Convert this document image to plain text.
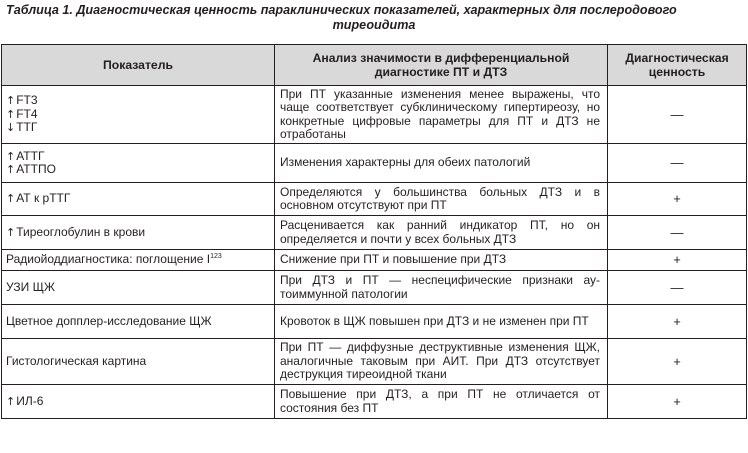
Таблица 1. Диагностическая ценность параклинических показателей, характерных для послеродового
тиреоидита
Показатель	Анализ значимости в дифференциальной диагностике ПТ и ДТЗ	Диагностическая ценность

↑FT3
↑FT4
↓ТТГ	При ПТ указанные изменения менее выражены, что чаще соответствует субклиническому гипертиреозу, но конкретные цифровые параметры для ПТ и ДТЗ не отработаны	—

↑АТТГ
↑АТТПО	Изменения характерны для обеих патологий	—

↑АТ к рТТГ	Определяются у большинства больных ДТЗ и в основном отсутствуют при ПТ	+

↑Тиреоглобулин в крови	Расценивается как ранний индикатор ПТ, но он определяется и почти у всех больных ДТЗ	—

Радиойоддиагностика: поглощение $I^{123}$	Снижение при ПТ и повышение при ДТЗ	+

УЗИ ЩЖ	При ДТЗ и ПТ — неспецифические признаки аутоиммунной патологии	—

Цветное допплер-исследование ЩЖ	Кровоток в ЩЖ повышен при ДТЗ и не изменен при ПТ	+

Гистологическая картина	При ПТ — диффузные деструктивные изменения ЩЖ, аналогичные таковым при АИТ. При ДТЗ отсутствует деструкция тиреоидной ткани	+

↑ИЛ-6	Повышение при ДТЗ, а при ПТ не отличается от состояния без ПТ	+
